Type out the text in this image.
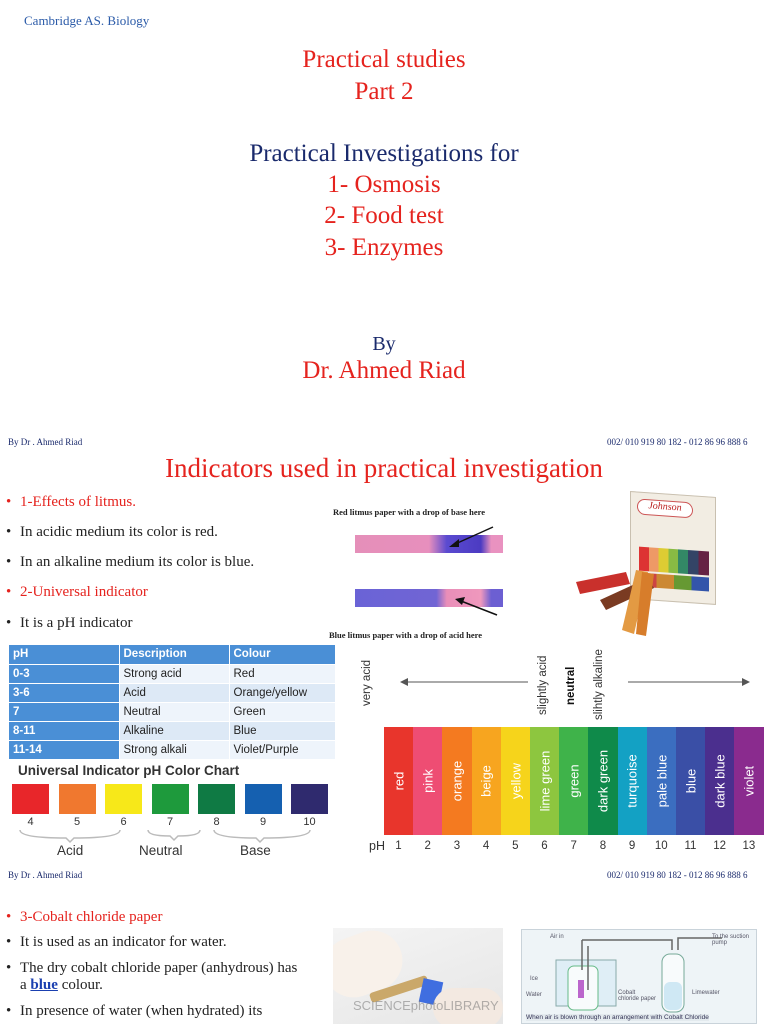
Cambridge AS. Biology
Practical studies
Part 2
Practical Investigations for
1- Osmosis
2- Food test
3- Enzymes
By
Dr. Ahmed Riad
By Dr . Ahmed Riad	002/ 010 919 80 182 - 012 86 96 888 6
Indicators used in practical investigation
• 1-Effects of litmus.
• In acidic medium its color is red.
• In an alkaline medium its color is blue.
• 2-Universal indicator
• It is a pH indicator
Red litmus paper with a drop of base here
Blue litmus paper with a drop of acid here
Johnson
pH	Description	Colour
0-3	Strong acid	Red
3-6	Acid	Orange/yellow
7	Neutral	Green
8-11	Alkaline	Blue
11-14	Strong alkali	Violet/Purple
Universal Indicator pH Color Chart
4	5	6	7	8	9	10
Acid	Neutral	Base
very acid	slightly acid neutral slihtly alkaline
red pink orange beige yellow lime green green dark green turquoise pale blue blue dark blue violet
pH 1	2	3	4	5	6	7	8	9	10	11	12	13
By Dr . Ahmed Riad	002/ 010 919 80 182 - 012 86 96 888 6
• 3-Cobalt chloride paper
• It is used as an indicator for water.
• The dry cobalt chloride paper (anhydrous) has
a blue colour.
• In presence of water (when hydrated) its	SCIENCEphotoLIBRARY
Air in	To the suction pump
Ice
Water	Cobalt chloride paper
Limewater
When air is blown through an arrangement with Cobalt Chloride
